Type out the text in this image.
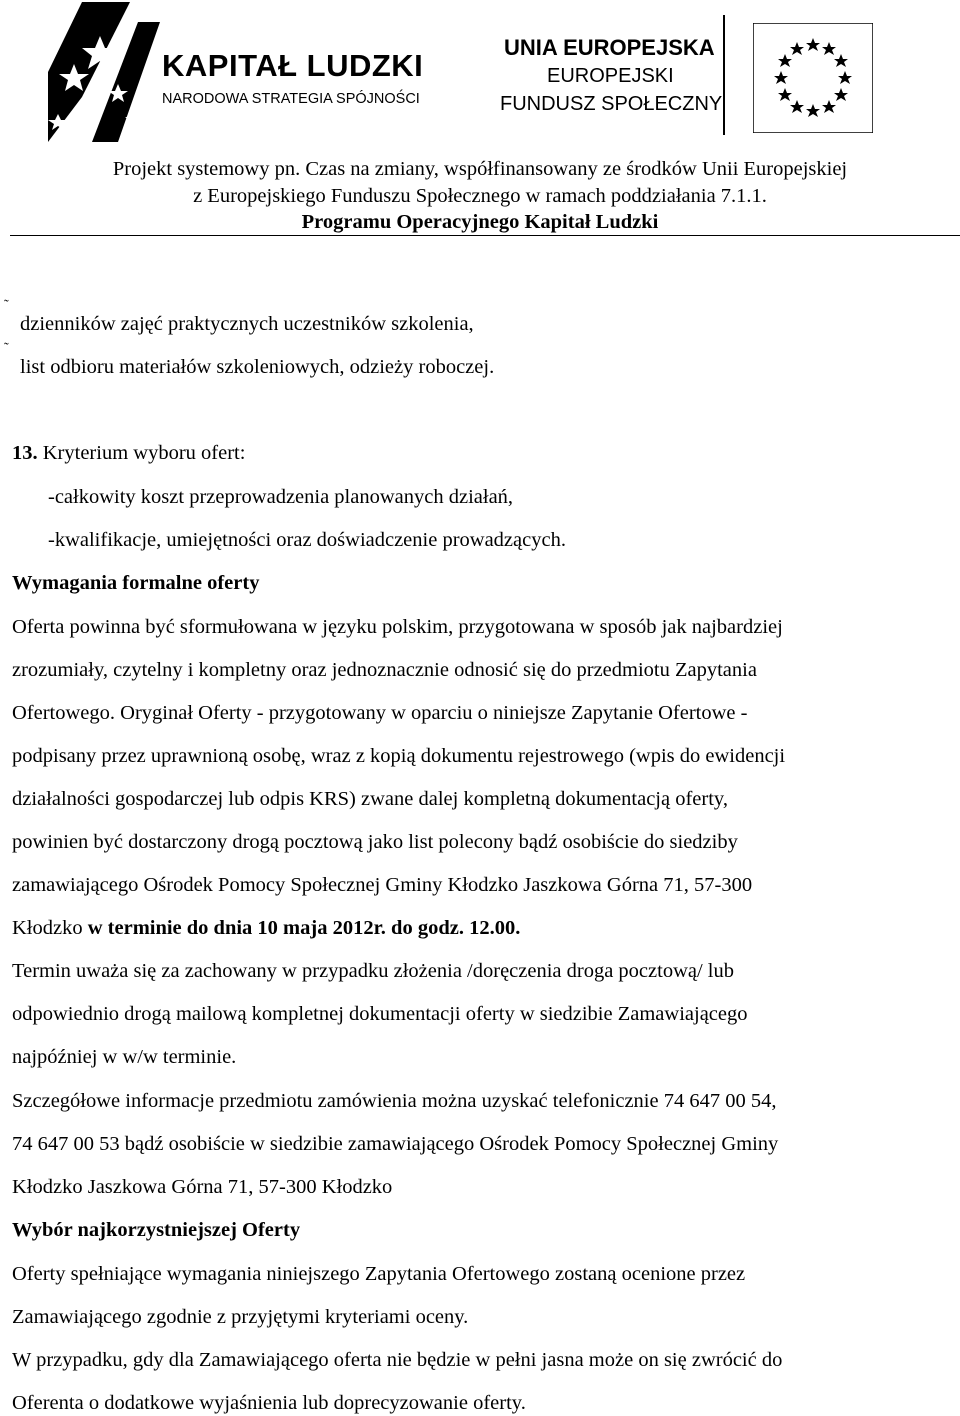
KAPITAŁ LUDZKI
NARODOWA STRATEGIA SPÓJNOŚCI
UNIA EUROPEJSKA
EUROPEJSKI
FUNDUSZ SPOŁECZNY
Projekt systemowy pn. Czas na zmiany, współfinansowany ze środków Unii Europejskiej
z Europejskiego Funduszu Społecznego w ramach poddziałania 7.1.1.
Programu Operacyjnego Kapitał Ludzki
˜
dzienników zajęć praktycznych uczestników szkolenia,
˜
list odbioru materiałów szkoleniowych, odzieży roboczej.
13. Kryterium wyboru ofert:
-całkowity koszt przeprowadzenia planowanych działań,
-kwalifikacje, umiejętności oraz doświadczenie prowadzących.
Wymagania formalne oferty
Oferta powinna być sformułowana w języku polskim, przygotowana w sposób jak najbardziej
zrozumiały, czytelny i kompletny oraz jednoznacznie odnosić się do przedmiotu Zapytania
Ofertowego. Oryginał Oferty - przygotowany w oparciu o niniejsze Zapytanie Ofertowe -
podpisany przez uprawnioną osobę, wraz z kopią dokumentu rejestrowego (wpis do ewidencji
działalności gospodarczej lub odpis KRS) zwane dalej kompletną dokumentacją oferty,
powinien być dostarczony drogą pocztową jako list polecony bądź osobiście do siedziby
zamawiającego Ośrodek Pomocy Społecznej Gminy Kłodzko Jaszkowa Górna 71, 57-300
Kłodzko w terminie do dnia 10 maja 2012r. do godz. 12.00.
Termin uważa się za zachowany w przypadku złożenia /doręczenia droga pocztową/ lub
odpowiednio drogą mailową kompletnej dokumentacji oferty w siedzibie Zamawiającego
najpóźniej w w/w terminie.
Szczegółowe informacje przedmiotu zamówienia można uzyskać telefonicznie 74 647 00 54,
74 647 00 53 bądź osobiście w siedzibie zamawiającego Ośrodek Pomocy Społecznej Gminy
Kłodzko Jaszkowa Górna 71, 57-300 Kłodzko
Wybór najkorzystniejszej Oferty
Oferty spełniające wymagania niniejszego Zapytania Ofertowego zostaną ocenione przez
Zamawiającego zgodnie z przyjętymi kryteriami oceny.
W przypadku, gdy dla Zamawiającego oferta nie będzie w pełni jasna może on się zwrócić do
Oferenta o dodatkowe wyjaśnienia lub doprecyzowanie oferty.
